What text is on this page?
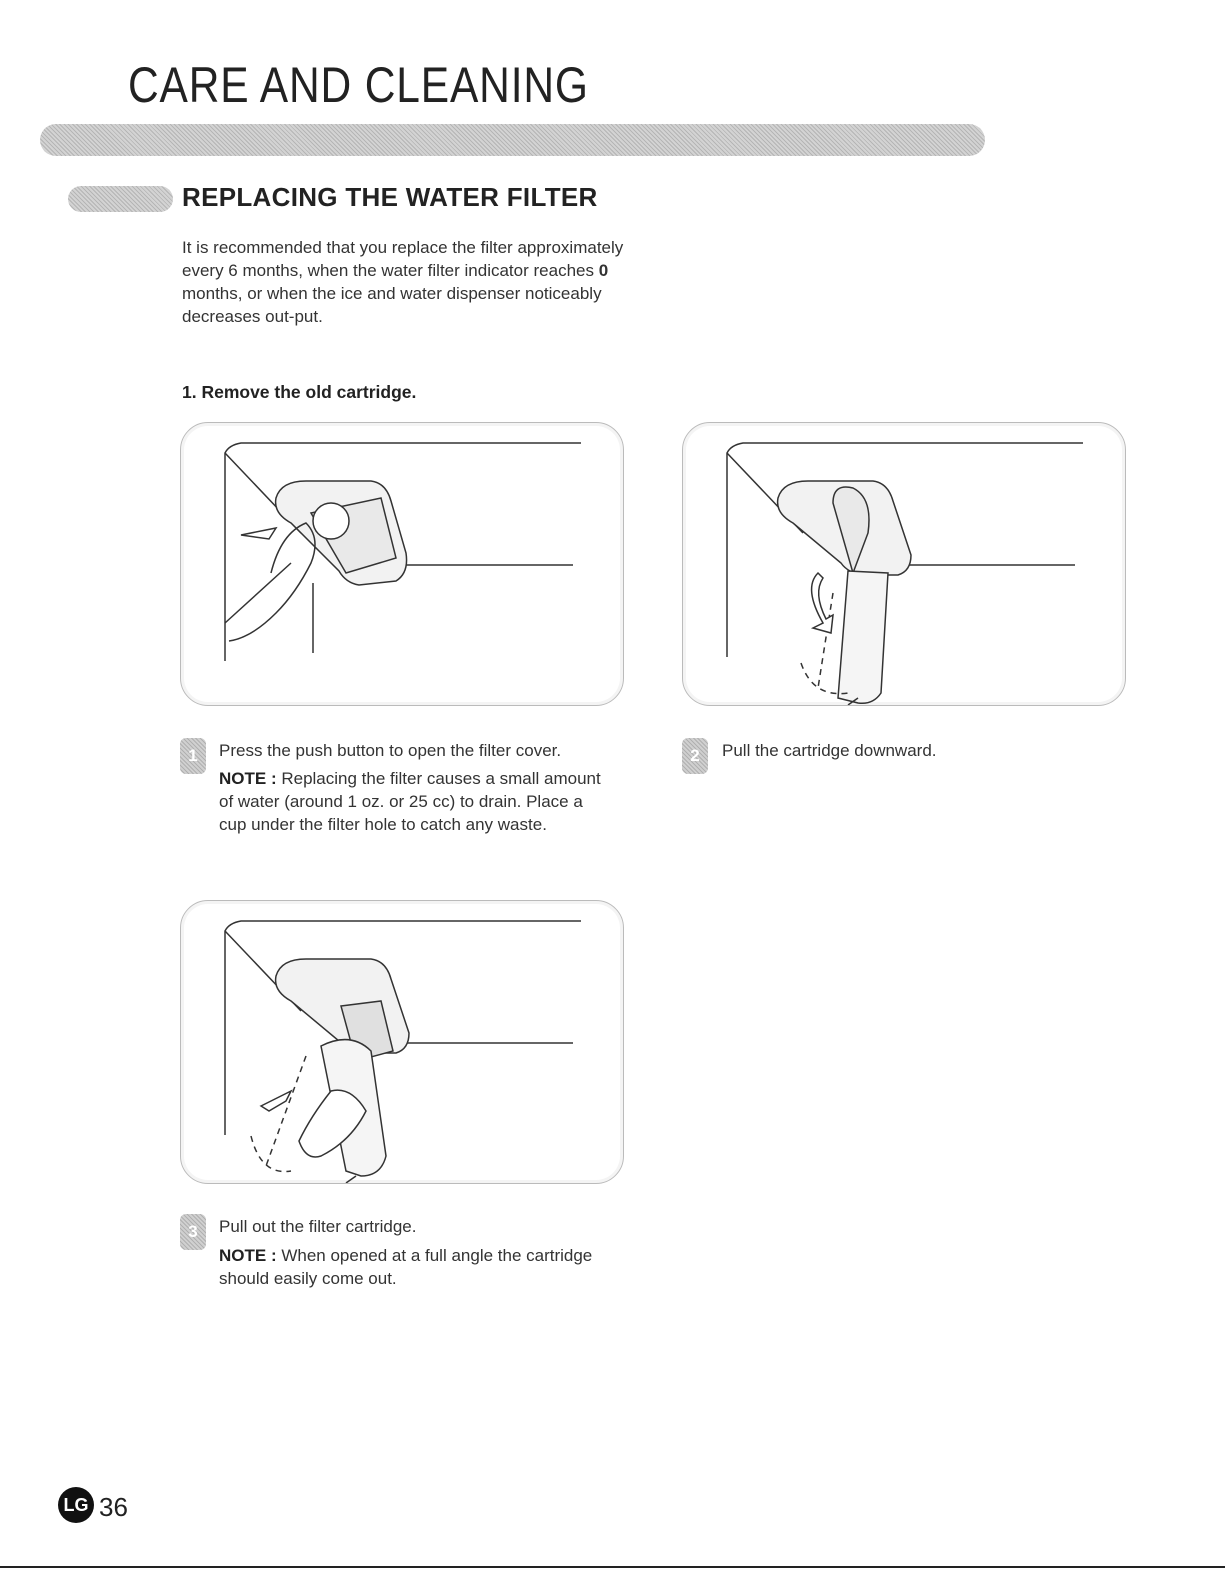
CARE AND CLEANING
REPLACING THE WATER FILTER
It is recommended that you replace the filter approximately every 6 months, when the water filter indicator reaches 0 months, or when the ice and water dispenser noticeably decreases out-put.
1. Remove the old cartridge.
1	Press the push button to open the filter cover.
NOTE : Replacing the filter causes a small amount of water (around 1 oz. or 25 cc) to drain. Place a cup under the filter hole to catch any waste.
2	Pull the cartridge downward.
3	Pull out the filter cartridge.
NOTE : When opened at a full angle the cartridge should easily come out.
LG 36
